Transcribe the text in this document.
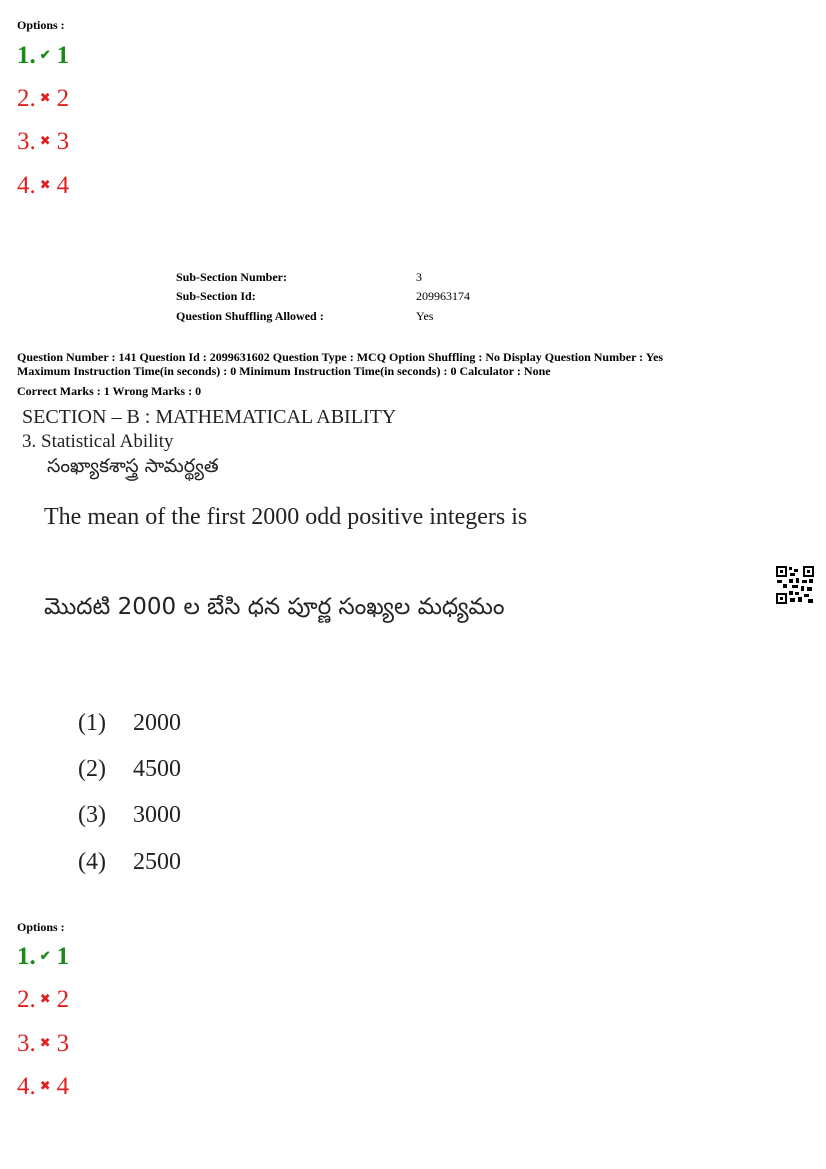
Options :
1. ✔ 1
2. ✖ 2
3. ✖ 3
4. ✖ 4
Sub-Section Number:	3
Sub-Section Id:	209963174
Question Shuffling Allowed :	Yes
Question Number : 141 Question Id : 2099631602 Question Type : MCQ Option Shuffling : No Display Question Number : Yes
Maximum Instruction Time(in seconds) : 0 Minimum Instruction Time(in seconds) : 0 Calculator : None
Correct Marks : 1 Wrong Marks : 0
SECTION – B : MATHEMATICAL ABILITY
3. Statistical Ability
సంఖ్యాకశాస్త్ర సామర్థ్యత
The mean of the first 2000 odd positive integers is
మొదటి 2000 ల బేసి ధన పూర్ణ సంఖ్యల మధ్యమం
(1) 2000
(2) 4500
(3) 3000
(4) 2500
Options :
1. ✔ 1
2. ✖ 2
3. ✖ 3
4. ✖ 4
